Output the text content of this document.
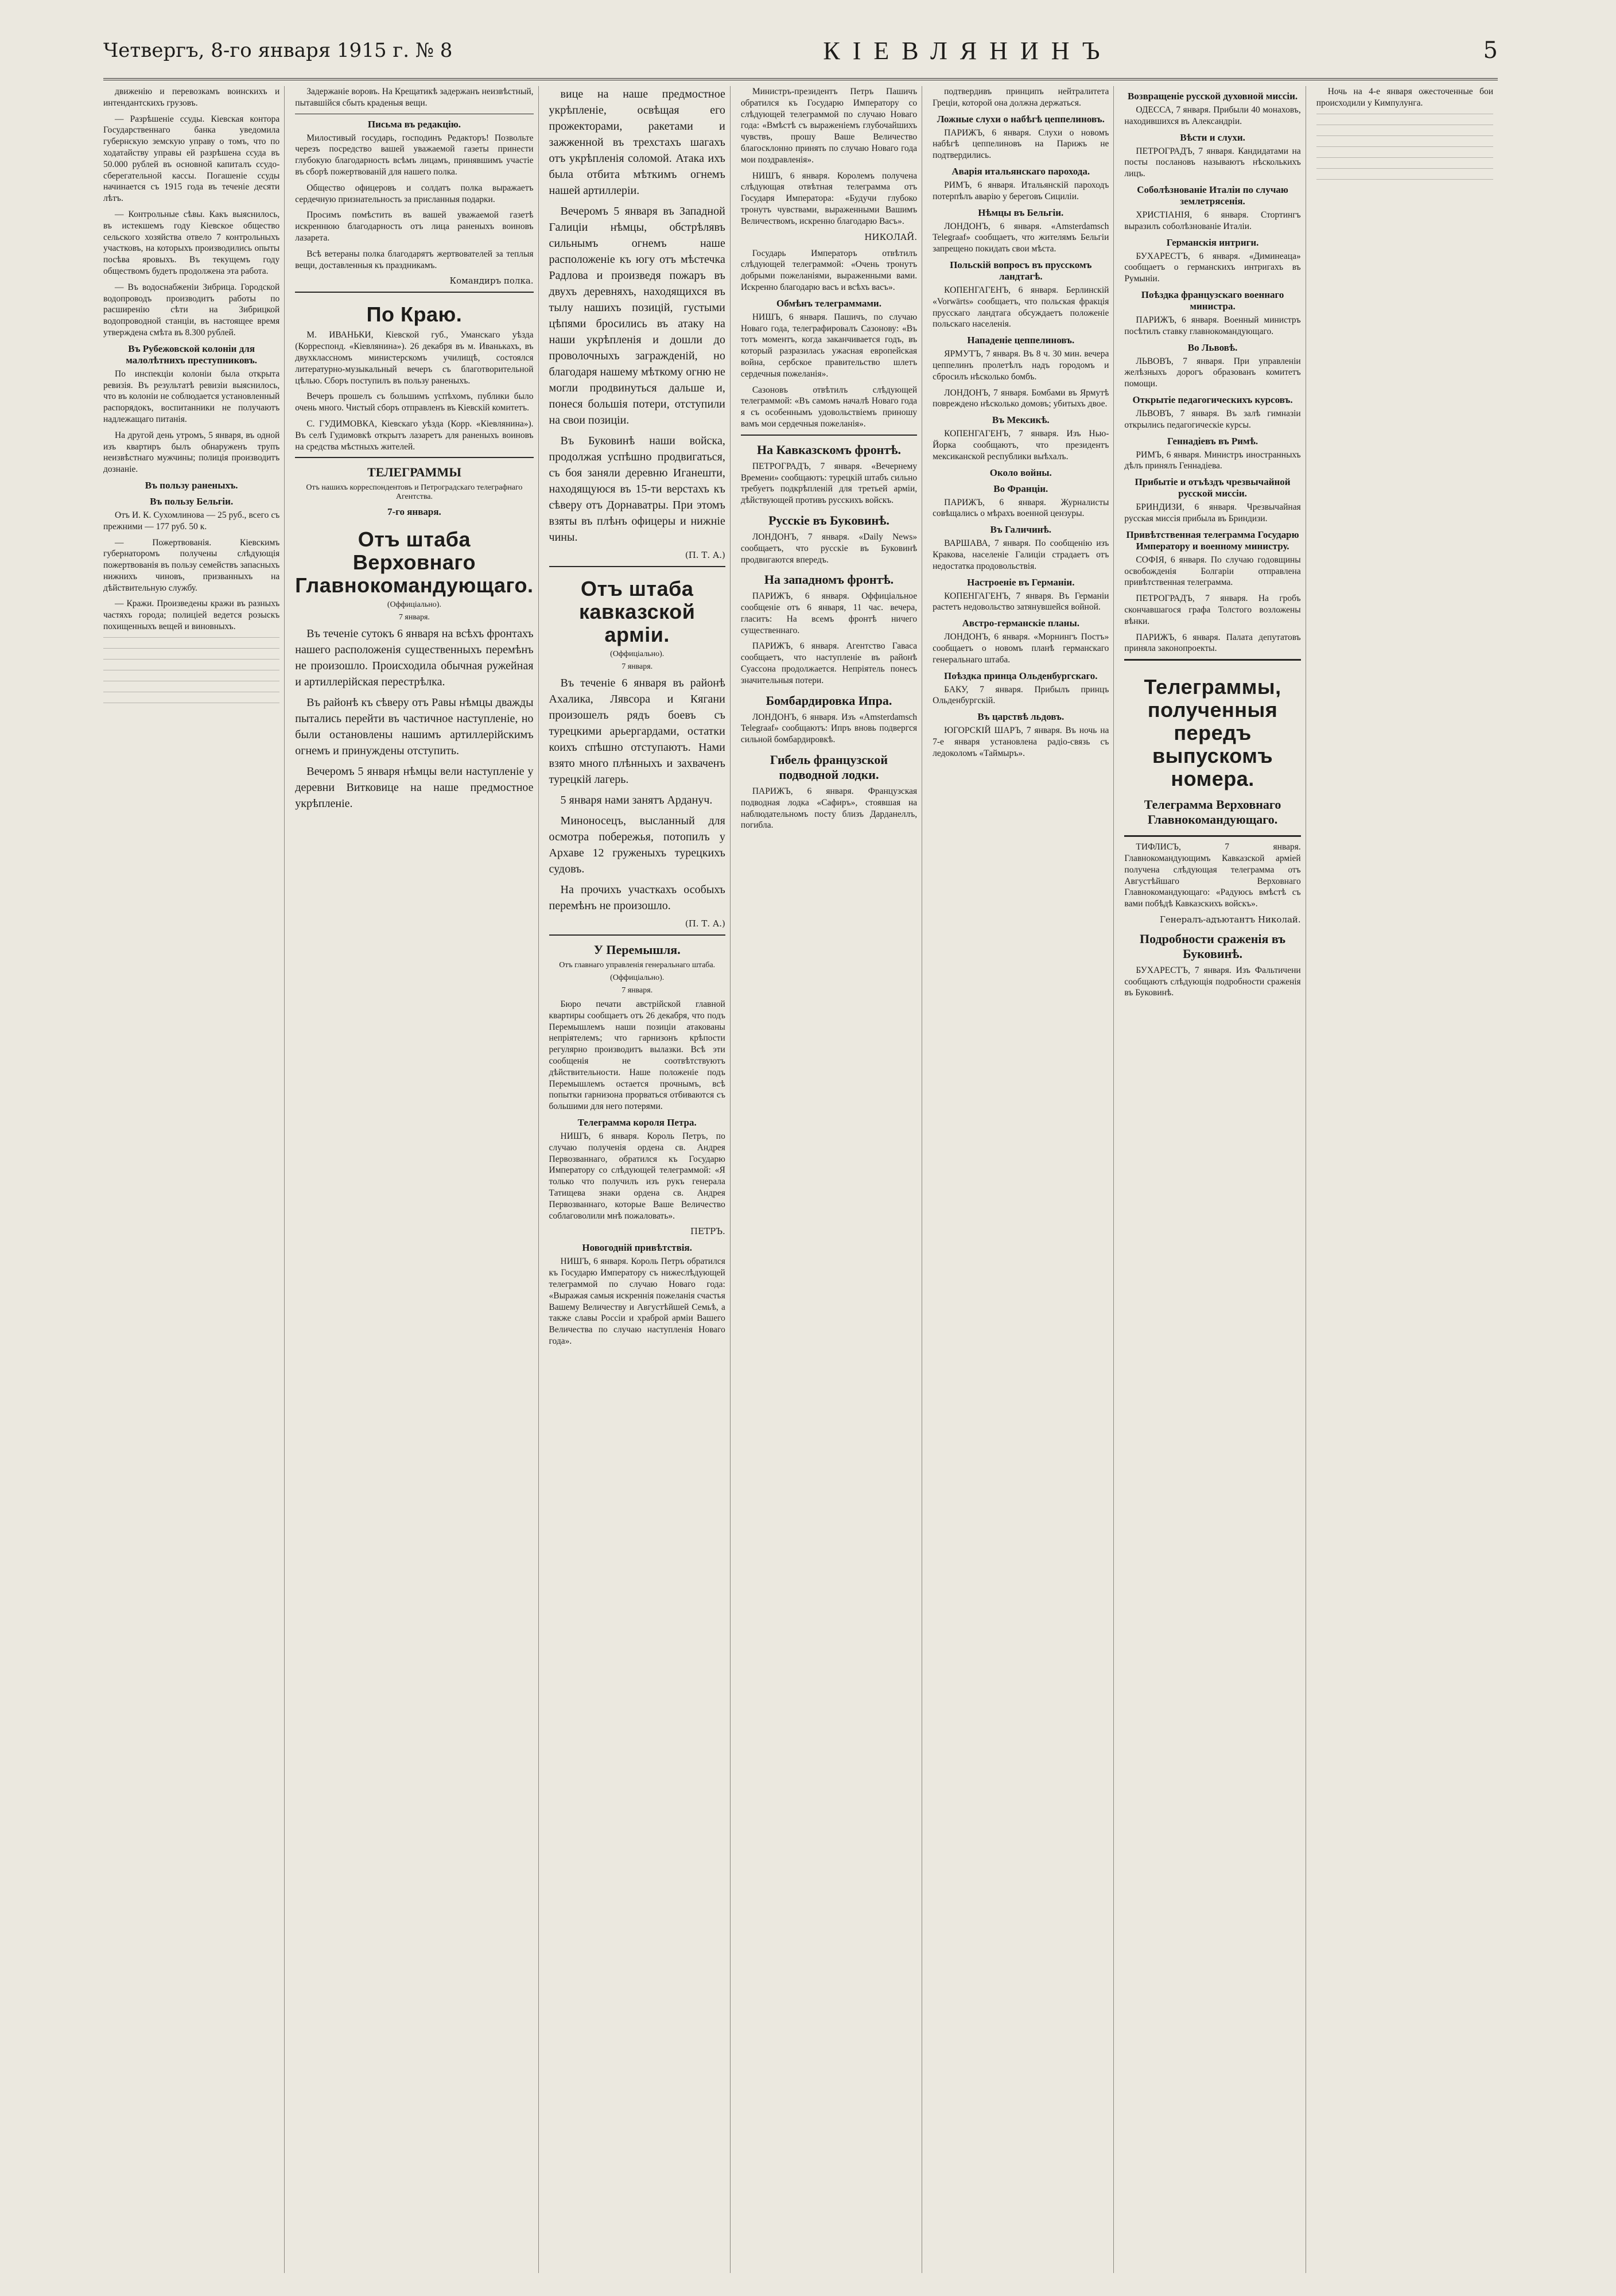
Четвергъ, 8-го января 1915 г. № 8	КІЕВЛЯНИНЪ	5

движенію и перевозкамъ воинскихъ и интендантскихъ грузовъ.

— Разрѣшеніе ссуды. Кіевская контора Государственнаго банка уведомила губернскую земскую управу о томъ, что по ходатайству управы ей разрѣшена ссуда въ 50.000 рублей въ основной капиталъ ссудо-сберегательной кассы. Погашеніе ссуды начинается съ 1915 года въ теченіе десяти лѣтъ.

— Контрольные сѣвы. Какъ выяснилось, въ истекшемъ году Кіевское общество сельского хозяйства отвело 7 контрольныхъ участковъ, на которыхъ производились опыты посѣва яровыхъ. Въ текущемъ году обществомъ будетъ продолжена эта работа.

— Въ водоснабженіи Зибрица. Городской водопроводъ производитъ работы по расширенію сѣти на Зибрицкой водопроводной станціи, въ настоящее время утверждена смѣта въ 8.300 рублей.

Въ Рубежовской колоніи для малолѣтнихъ преступниковъ.

По инспекціи колоніи была открыта ревизія. Въ результатѣ ревизіи выяснилось, что въ колоніи не соблюдается установленный распорядокъ, воспитанники не получаютъ надлежащаго питанія.

На другой день утромъ, 5 января, въ одной изъ квартиръ былъ обнаруженъ трупъ неизвѣстнаго мужчины; полиція производитъ дознаніе.

Въ пользу раненыхъ.
Въ пользу Бельгіи.

Отъ И. К. Сухомлинова — 25 руб., всего съ прежними — 177 руб. 50 к.

— Пожертвованія. Кіевскимъ губернаторомъ получены слѣдующія пожертвованія въ пользу семействъ запасныхъ нижнихъ чиновъ, призванныхъ на дѣйствительную службу.

— Кражи. Произведены кражи въ разныхъ частяхъ города; полиціей ведется розыскъ похищенныхъ вещей и виновныхъ.

Задержаніе воровъ. На Крещатикѣ задержанъ неизвѣстный, пытавшійся сбыть краденыя вещи.

Письма въ редакцію.

Милостивый государь, господинъ Редакторъ! Позвольте черезъ посредство вашей уважаемой газеты принести глубокую благодарность всѣмъ лицамъ, принявшимъ участіе въ сборѣ пожертвованій для нашего полка.

Общество офицеровъ и солдатъ полка выражаетъ сердечную признательность за присланныя подарки.

Просимъ помѣстить въ вашей уважаемой газетѣ искреннюю благодарность отъ лица раненыхъ воиновъ лазарета.

Всѣ ветераны полка благодарятъ жертвователей за теплыя вещи, доставленныя къ праздникамъ.

Командиръ полка.
По Краю.

М. ИВАНЬКИ, Кіевской губ., Уманскаго уѣзда (Корреспонд. «Кіевлянина»). 26 декабря въ м. Иванькахъ, въ двухклассномъ министерскомъ училищѣ, состоялся литературно-музыкальный вечеръ съ благотворительной цѣлью. Сборъ поступилъ въ пользу раненыхъ.

Вечеръ прошелъ съ большимъ успѣхомъ, публики было очень много. Чистый сборъ отправленъ въ Кіевскій комитетъ.

С. ГУДИМОВКА, Кіевскаго уѣзда (Корр. «Кіевлянина»). Въ селѣ Гудимовкѣ открытъ лазаретъ для раненыхъ воиновъ на средства мѣстныхъ жителей.

ТЕЛЕГРАММЫ
Отъ нашихъ корреспондентовъ и Петроградскаго телеграфнаго Агентства.
7-го января.
Отъ штаба Верховнаго Главнокомандующаго.
(Оффиціально).
7 января.

Въ теченіе сутокъ 6 января на всѣхъ фронтахъ нашего расположенія существенныхъ перемѣнъ не произошло. Происходила обычная ружейная и артиллерійская перестрѣлка.

Въ районѣ къ сѣверу отъ Равы нѣмцы дважды пытались перейти въ частичное наступленіе, но были остановлены нашимъ артиллерійскимъ огнемъ и принуждены отступить.

Вечеромъ 5 января нѣмцы вели наступленіе у деревни Витковице на наше предмостное укрѣпленіе.

вице на наше предмостное укрѣпленіе, освѣщая его прожекторами, ракетами и зажженной въ трехстахъ шагахъ отъ укрѣпленія соломой. Атака ихъ была отбита мѣткимъ огнемъ нашей артиллеріи.

Вечеромъ 5 января въ Западной Галиціи нѣмцы, обстрѣлявъ сильнымъ огнемъ наше расположеніе къ югу отъ мѣстечка Радлова и произведя пожаръ въ двухъ деревняхъ, находящихся въ тылу нашихъ позицій, густыми цѣпями бросились въ атаку на наши укрѣпленія и дошли до проволочныхъ загражденій, но благодаря нашему мѣткому огню не могли продвинуться дальше и, понеся большія потери, отступили на свои позиціи.

Въ Буковинѣ наши войска, продолжая успѣшно продвигаться, съ боя заняли деревню Иганешти, находящуюся въ 15-ти верстахъ къ сѣверу отъ Дорнаватры. При этомъ взяты въ плѣнъ офицеры и нижніе чины.

(П. Т. А.)
Отъ штаба кавказской арміи.
(Оффиціально).
7 января.

Въ теченіе 6 января въ районѣ Ахалика, Лявсора и Кягани произошелъ рядъ боевъ съ турецкими арьергардами, остатки коихъ спѣшно отступаютъ. Нами взято много плѣнныхъ и захваченъ турецкій лагерь.

5 января нами занятъ Ардануч.

Миноносецъ, высланный для осмотра побережья, потопилъ у Архаве 12 груженыхъ турецкихъ судовъ.

На прочихъ участкахъ особыхъ перемѣнъ не произошло.

(П. Т. А.)
У Перемышля.
Отъ главнаго управленія генеральнаго штаба.
(Оффиціально).
7 января.

Бюро печати австрійской главной квартиры сообщаетъ отъ 26 декабря, что подъ Перемышлемъ наши позиціи атакованы непріятелемъ; что гарнизонъ крѣпости регулярно производитъ вылазки. Всѣ эти сообщенія не соотвѣтствуютъ дѣйствительности. Наше положеніе подъ Перемышлемъ остается прочнымъ, всѣ попытки гарнизона прорваться отбиваются съ большими для него потерями.

Телеграмма короля Петра.

НИШЪ, 6 января. Король Петръ, по случаю полученія ордена св. Андрея Первозваннаго, обратился къ Государю Императору со слѣдующей телеграммой: «Я только что получилъ изъ рукъ генерала Татищева знаки ордена св. Андрея Первозваннаго, которые Ваше Величество соблаговолили мнѣ пожаловать».

ПЕТРЪ.
Новогодній привѣтствія.

НИШЪ, 6 января. Король Петръ обратился къ Государю Императору съ нижеслѣдующей телеграммой по случаю Новаго года: «Выражая самыя искреннія пожеланія счастья Вашему Величеству и Августѣйшей Семьѣ, а также славы Россіи и храброй арміи Вашего Величества по случаю наступленія Новаго года».

Министръ-президентъ Петръ Пашичъ обратился къ Государю Императору со слѣдующей телеграммой по случаю Новаго года: «Вмѣстѣ съ выраженіемъ глубочайшихъ чувствъ, прошу Ваше Величество благосклонно принять по случаю Новаго года мои поздравленія».

НИШЪ, 6 января. Королемъ получена слѣдующая отвѣтная телеграмма отъ Государя Императора: «Будучи глубоко тронутъ чувствами, выраженными Вашимъ Величествомъ, искренно благодарю Васъ».

НИКОЛАЙ.

Государь Императоръ отвѣтилъ слѣдующей телеграммой: «Очень тронутъ добрыми пожеланіями, выраженными вами. Искренно благодарю васъ и всѣхъ васъ».

Обмѣнъ телеграммами.

НИШЪ, 6 января. Пашичъ, по случаю Новаго года, телеграфировалъ Сазонову: «Въ тотъ моментъ, когда заканчивается годъ, въ который разразилась ужасная европейская война, сербское правительство шлетъ сердечныя пожеланія».

Сазоновъ отвѣтилъ слѣдующей телеграммой: «Въ самомъ началѣ Новаго года я съ особеннымъ удовольствіемъ приношу вамъ мои сердечныя пожеланія».

На Кавказскомъ фронтѣ.

ПЕТРОГРАДЪ, 7 января. «Вечернему Времени» сообщаютъ: турецкій штабъ сильно требуетъ подкрѣпленій для третьей арміи, дѣйствующей противъ русскихъ войскъ.

Русскіе въ Буковинѣ.

ЛОНДОНЪ, 7 января. «Daily News» сообщаетъ, что русскіе въ Буковинѣ продвигаются впередъ.

На западномъ фронтѣ.

ПАРИЖЪ, 6 января. Оффиціальное сообщеніе отъ 6 января, 11 час. вечера, гласитъ: На всемъ фронтѣ ничего существеннаго.

ПАРИЖЪ, 6 января. Агентство Гаваса сообщаетъ, что наступленіе въ районѣ Суассона продолжается. Непріятель понесъ значительныя потери.

Бомбардировка Ипра.

ЛОНДОНЪ, 6 января. Изъ «Amsterdamsch Telegraaf» сообщаютъ: Ипръ вновь подвергся сильной бомбардировкѣ.

Гибель французской подводной лодки.

ПАРИЖЪ, 6 января. Французская подводная лодка «Сафиръ», стоявшая на наблюдательномъ посту близъ Дарданеллъ, погибла.

подтвердивъ принципъ нейтралитета Греціи, которой она должна держаться.

Ложные слухи о набѣгѣ цеппелиновъ.

ПАРИЖЪ, 6 января. Слухи о новомъ набѣгѣ цеппелиновъ на Парижъ не подтвердились.

Аварія итальянскаго парохода.

РИМЪ, 6 января. Итальянскій пароходъ потерпѣлъ аварію у береговъ Сициліи.

Нѣмцы въ Бельгіи.

ЛОНДОНЪ, 6 января. «Amsterdamsch Telegraaf» сообщаетъ, что жителямъ Бельгіи запрещено покидать свои мѣста.

Польскій вопросъ въ прусскомъ ландтагѣ.

КОПЕНГАГЕНЪ, 6 января. Берлинскій «Vorwärts» сообщаетъ, что польская фракція прусскаго ландтага обсуждаетъ положеніе польскаго населенія.

Нападеніе цеппелиновъ.

ЯРМУТЪ, 7 января. Въ 8 ч. 30 мин. вечера цеппелинъ пролетѣлъ надъ городомъ и сбросилъ нѣсколько бомбъ.

ЛОНДОНЪ, 7 января. Бомбами въ Ярмутѣ повреждено нѣсколько домовъ; убитыхъ двое.

Въ Мексикѣ.

КОПЕНГАГЕНЪ, 7 января. Изъ Нью-Йорка сообщаютъ, что президентъ мексиканской республики выѣхалъ.

Около войны.
Во Франціи.

ПАРИЖЪ, 6 января. Журналисты совѣщались о мѣрахъ военной цензуры.

Въ Галичинѣ.

ВАРШАВА, 7 января. По сообщенію изъ Кракова, населеніе Галиціи страдаетъ отъ недостатка продовольствія.

Настроеніе въ Германіи.

КОПЕНГАГЕНЪ, 7 января. Въ Германіи растетъ недовольство затянувшейся войной.

Австро-германскіе планы.

ЛОНДОНЪ, 6 января. «Морнингъ Постъ» сообщаетъ о новомъ планѣ германскаго генеральнаго штаба.

Поѣздка принца Ольденбургскаго.

БАКУ, 7 января. Прибылъ принцъ Ольденбургскій.

Въ царствѣ льдовъ.

ЮГОРСКІЙ ШАРЪ, 7 января. Въ ночь на 7-е января установлена радіо-связь съ ледоколомъ «Таймыръ».

Возвращеніе русской духовной миссіи.

ОДЕССА, 7 января. Прибыли 40 монаховъ, находившихся въ Александріи.

Вѣсти и слухи.

ПЕТРОГРАДЪ, 7 января. Кандидатами на посты послановъ называютъ нѣсколькихъ лицъ.

Соболѣзнованіе Италіи по случаю землетрясенія.

ХРИСТІАНІЯ, 6 января. Стортингъ выразилъ соболѣзнованіе Италіи.

Германскія интриги.

БУХАРЕСТЪ, 6 января. «Диминеаца» сообщаетъ о германскихъ интригахъ въ Румыніи.

Поѣздка французскаго военнаго министра.

ПАРИЖЪ, 6 января. Военный министръ посѣтилъ ставку главнокомандующаго.

Во Львовѣ.

ЛЬВОВЪ, 7 января. При управленіи желѣзныхъ дорогъ образованъ комитетъ помощи.

Открытіе педагогическихъ курсовъ.

ЛЬВОВЪ, 7 января. Въ залѣ гимназіи открылись педагогическіе курсы.

Геннадіевъ въ Римѣ.

РИМЪ, 6 января. Министръ иностранныхъ дѣлъ принялъ Геннадіева.

Прибытіе и отъѣздъ чрезвычайной русской миссіи.

БРИНДИЗИ, 6 января. Чрезвычайная русская миссія прибыла въ Бриндизи.

Привѣтственная телеграмма Государю Императору и военному министру.

СОФІЯ, 6 января. По случаю годовщины освобожденія Болгаріи отправлена привѣтственная телеграмма.

ПЕТРОГРАДЪ, 7 января. На гробъ скончавшагося графа Толстого возложены вѣнки.

ПАРИЖЪ, 6 января. Палата депутатовъ приняла законопроекты.

Телеграммы, полученныя передъ выпускомъ номера.
Телеграмма Верховнаго Главнокомандующаго.

ТИФЛИСЪ, 7 января. Главнокомандующимъ Кавказской арміей получена слѣдующая телеграмма отъ Августѣйшаго Верховнаго Главнокомандующаго: «Радуюсь вмѣстѣ съ вами побѣдѣ Кавказскихъ войскъ».

Генералъ-адъютантъ Николай.
Подробности сраженія въ Буковинѣ.

БУХАРЕСТЪ, 7 января. Изъ Фальтичени сообщаютъ слѣдующія подробности сраженія въ Буковинѣ.

Ночь на 4-е января ожесточенные бои происходили у Кимпулунга.
